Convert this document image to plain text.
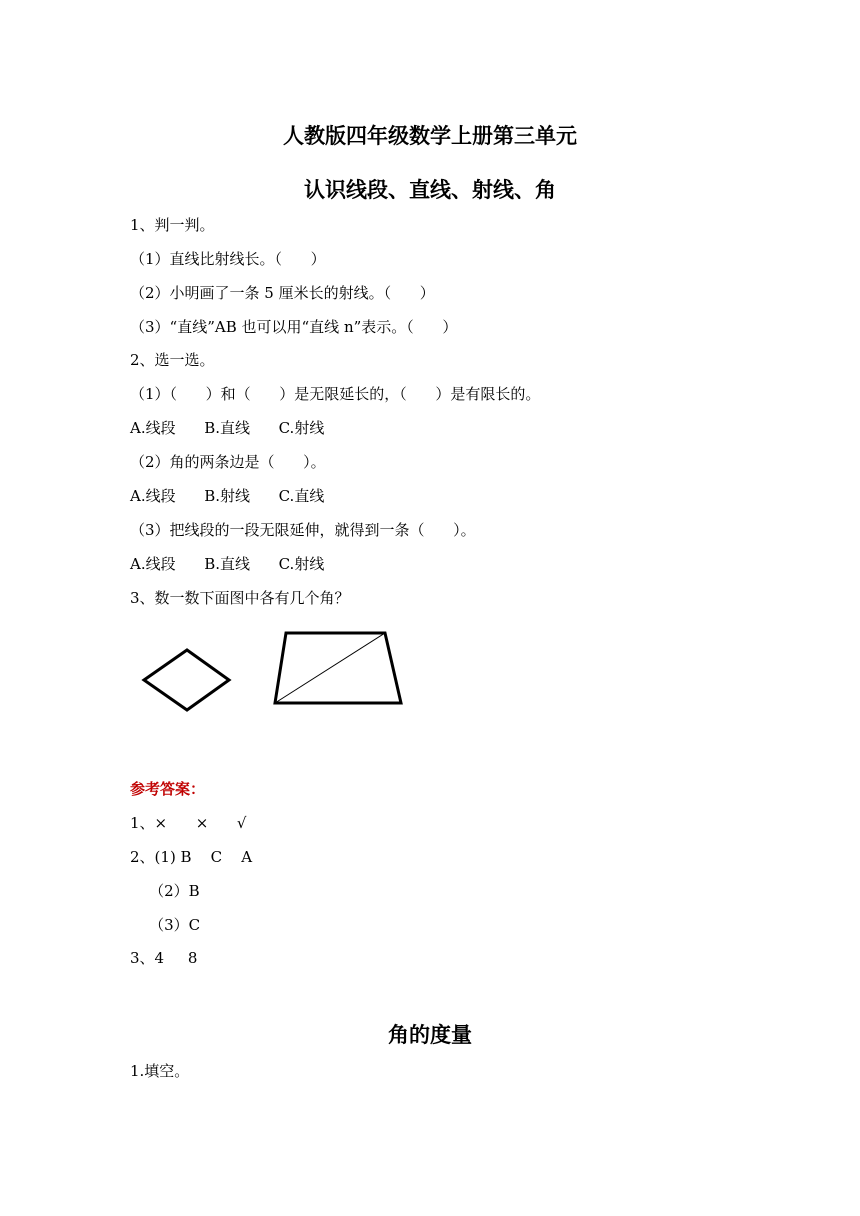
人教版四年级数学上册第三单元
认识线段、直线、射线、角
1、判一判。
（1）直线比射线长。（      ）
（2）小明画了一条 5 厘米长的射线。（      ）
（3）“直线”AB 也可以用“直线 n”表示。（      ）
2、选一选。
（1）（      ）和（      ）是无限延长的，（      ）是有限长的。
A.线段      B.直线      C.射线
（2）角的两条边是（      ）。
A.线段      B.射线      C.直线
（3）把线段的一段无限延伸，就得到一条（      ）。
A.线段      B.直线      C.射线
3、数一数下面图中各有几个角？
参考答案：
1、×      ×      √
2、(1) B    C    A
（2）B
（3）C
3、4     8
角的度量
1.填空。
